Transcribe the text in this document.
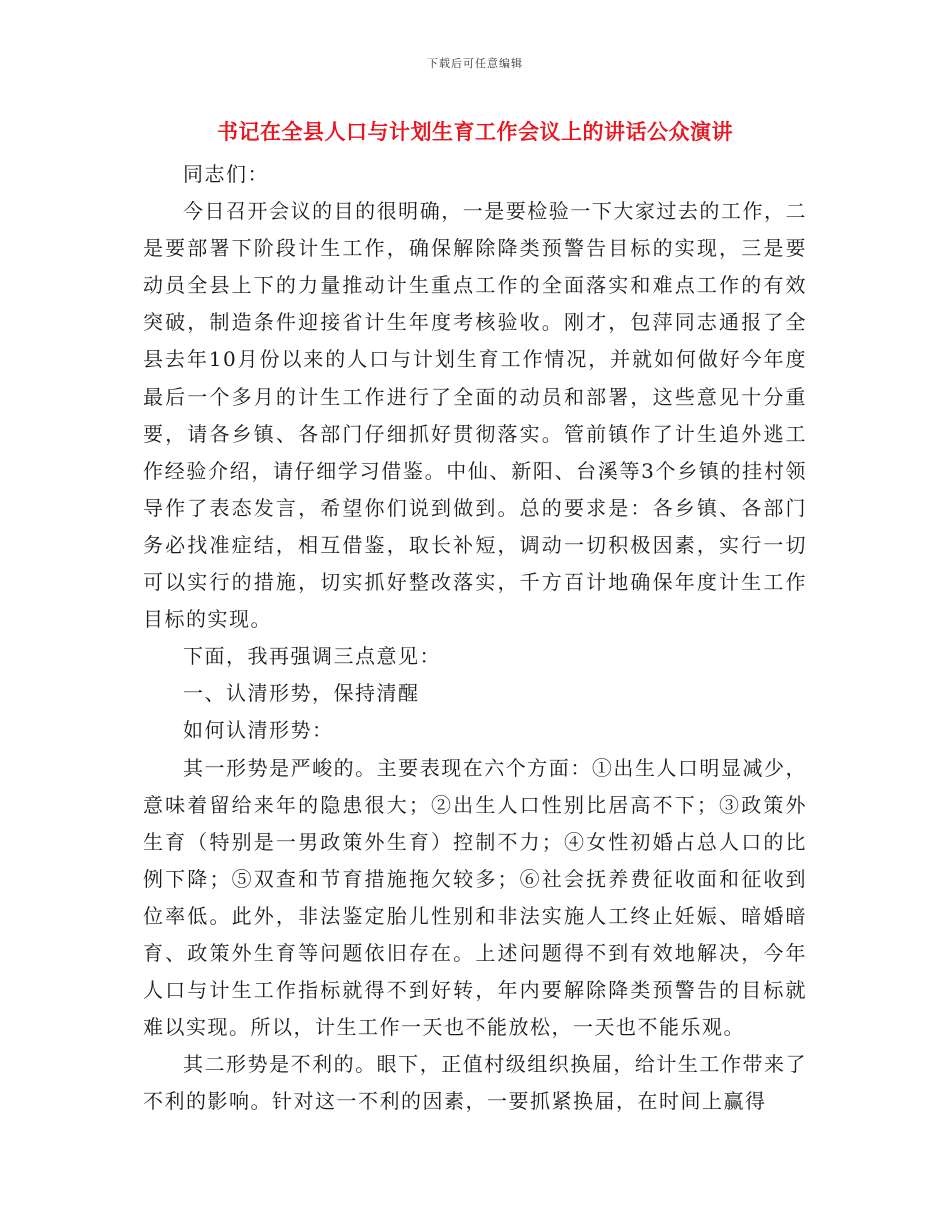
下载后可任意编辑
书记在全县人口与计划生育工作会议上的讲话公众演讲

同志们：

今日召开会议的目的很明确，一是要检验一下大家过去的工作，二是要部署下阶段计生工作，确保解除降类预警告目标的实现，三是要动员全县上下的力量推动计生重点工作的全面落实和难点工作的有效突破，制造条件迎接省计生年度考核验收。刚才，包萍同志通报了全县去年10月份以来的人口与计划生育工作情况，并就如何做好今年度最后一个多月的计生工作进行了全面的动员和部署，这些意见十分重要，请各乡镇、各部门仔细抓好贯彻落实。管前镇作了计生追外逃工作经验介绍，请仔细学习借鉴。中仙、新阳、台溪等3个乡镇的挂村领导作了表态发言，希望你们说到做到。总的要求是：各乡镇、各部门务必找准症结，相互借鉴，取长补短，调动一切积极因素，实行一切可以实行的措施，切实抓好整改落实，千方百计地确保年度计生工作目标的实现。

下面，我再强调三点意见：

一、认清形势，保持清醒

如何认清形势：

其一形势是严峻的。主要表现在六个方面：①出生人口明显减少，意味着留给来年的隐患很大；②出生人口性别比居高不下；③政策外生育（特别是一男政策外生育）控制不力；④女性初婚占总人口的比例下降；⑤双查和节育措施拖欠较多；⑥社会抚养费征收面和征收到位率低。此外，非法鉴定胎儿性别和非法实施人工终止妊娠、暗婚暗育、政策外生育等问题依旧存在。上述问题得不到有效地解决，今年人口与计生工作指标就得不到好转，年内要解除降类预警告的目标就难以实现。所以，计生工作一天也不能放松，一天也不能乐观。

其二形势是不利的。眼下，正值村级组织换届，给计生工作带来了不利的影响。针对这一不利的因素，一要抓紧换届，在时间上赢得
